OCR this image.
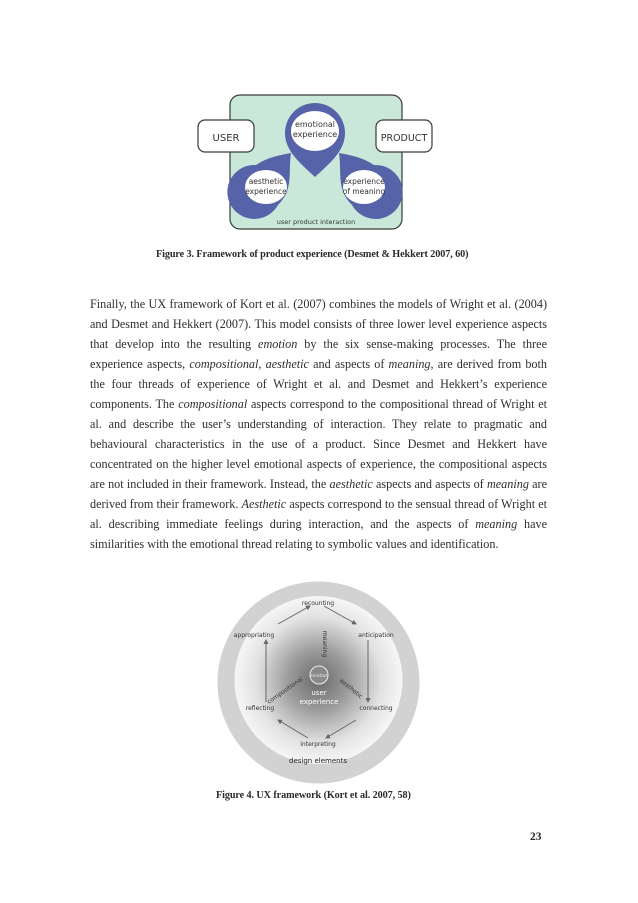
USER	PRODUCT
emotional
experience
aesthetic
experience
experience
of meaning
user product interaction
Figure 3. Framework of product experience (Desmet & Hekkert 2007, 60)

Finally, the UX framework of Kort et al. (2007) combines the models of Wright et al. (2004) and Desmet and Hekkert (2007). This model consists of three lower level experience aspects that develop into the resulting emotion by the six sense-making processes. The three experience aspects, compositional, aesthetic and aspects of meaning, are derived from both the four threads of experience of Wright et al. and Desmet and Hekkert’s experience components. The compositional aspects correspond to the compositional thread of Wright et al. and describe the user’s understanding of interaction. They relate to pragmatic and behavioural characteristics in the use of a product. Since Desmet and Hekkert have concentrated on the higher level emotional aspects of experience, the compositional aspects are not included in their framework. Instead, the aesthetic aspects and aspects of meaning are derived from their framework. Aesthetic aspects correspond to the sensual thread of Wright et al. describing immediate feelings during interaction, and the aspects of meaning have similarities with the emotional thread relating to symbolic values and identification.

recounting
anticipation
connecting
interpreting
reflecting
appropriating	meaning
compositional	aesthetic
emotion
user
experience
design elements
Figure 4. UX framework (Kort et al. 2007, 58)
23
